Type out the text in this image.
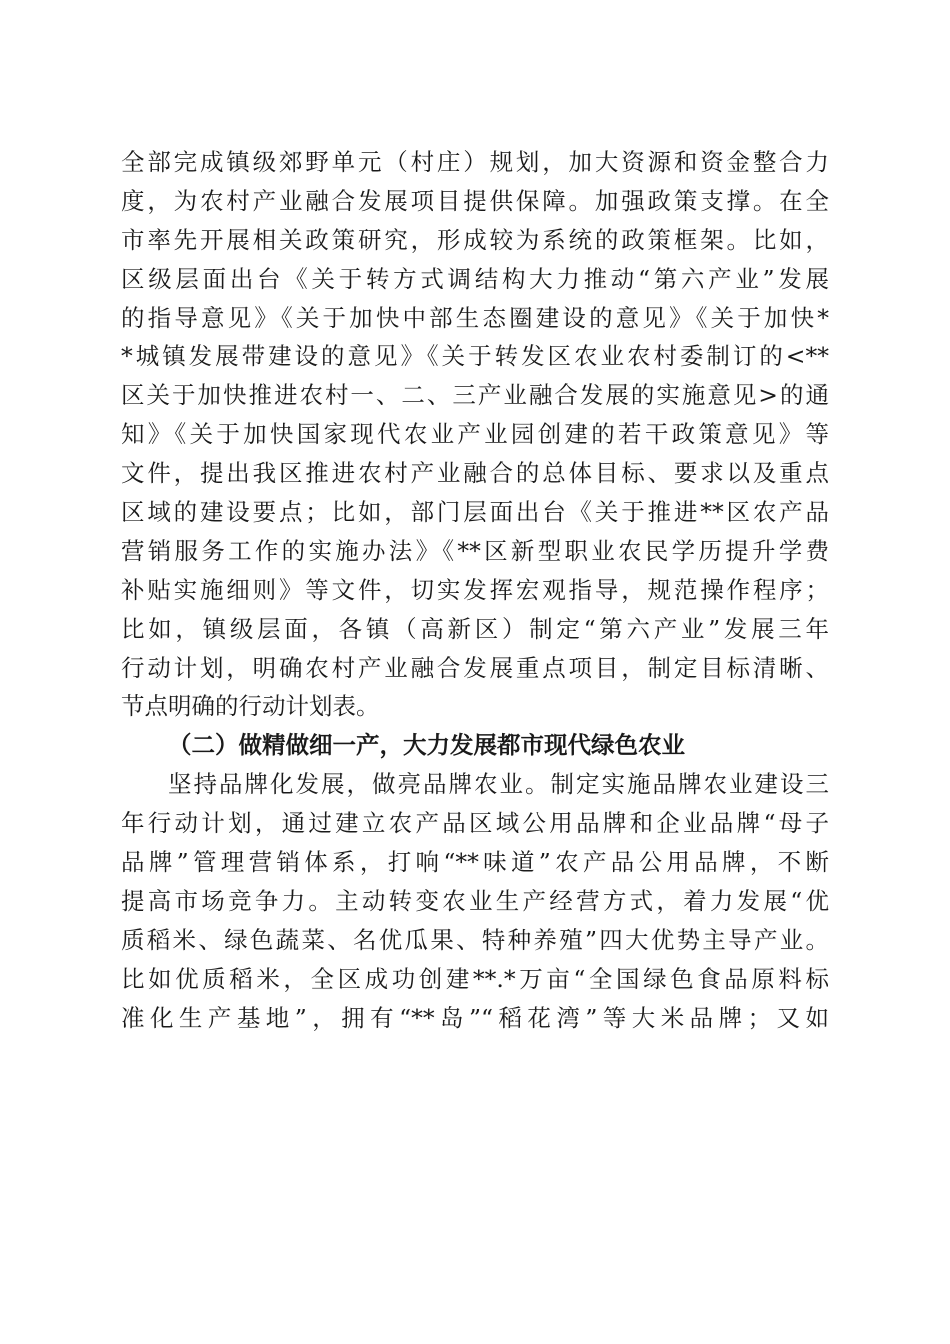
全部完成镇级郊野单元（村庄）规划，加大资源和资金整合力
度，为农村产业融合发展项目提供保障。加强政策支撑。在全
市率先开展相关政策研究，形成较为系统的政策框架。比如，
区级层面出台《关于转方式调结构大力推动“第六产业”发展
的指导意见》《关于加快中部生态圈建设的意见》《关于加快*
*城镇发展带建设的意见》《关于转发区农业农村委制订的<**
区关于加快推进农村一、二、三产业融合发展的实施意见>的通
知》《关于加快国家现代农业产业园创建的若干政策意见》等
文件，提出我区推进农村产业融合的总体目标、要求以及重点
区域的建设要点；比如，部门层面出台《关于推进**区农产品
营销服务工作的实施办法》《**区新型职业农民学历提升学费
补贴实施细则》等文件，切实发挥宏观指导，规范操作程序；
比如，镇级层面，各镇（高新区）制定“第六产业”发展三年
行动计划，明确农村产业融合发展重点项目，制定目标清晰、
节点明确的行动计划表。
（二）做精做细一产，大力发展都市现代绿色农业
坚持品牌化发展，做亮品牌农业。制定实施品牌农业建设三
年行动计划，通过建立农产品区域公用品牌和企业品牌“母子
品牌”管理营销体系，打响“**味道”农产品公用品牌，不断
提高市场竞争力。主动转变农业生产经营方式，着力发展“优
质稻米、绿色蔬菜、名优瓜果、特种养殖”四大优势主导产业。
比如优质稻米，全区成功创建**.*万亩“全国绿色食品原料标
准化生产基地”，拥有“**岛”“稻花湾”等大米品牌；又如
